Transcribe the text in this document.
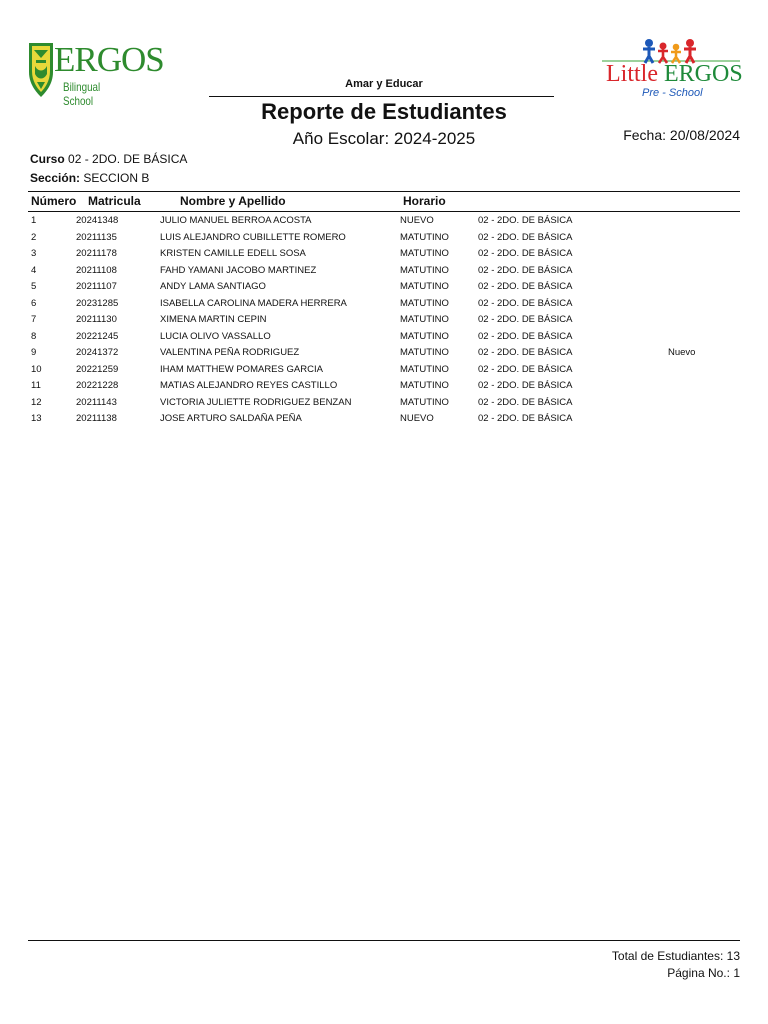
ERGOS
Bilingual School
Little ERGOS
Pre - School
Amar y Educar
Reporte de Estudiantes
Año Escolar: 2024-2025	Fecha: 20/08/2024
Curso 02 - 2DO. DE BÁSICA
Sección: SECCION B
Número Matricula	Nombre y Apellido	Horario
1	20241348	JULIO MANUEL BERROA ACOSTA	NUEVO	02 - 2DO. DE BÁSICA
2	20211135	LUIS ALEJANDRO CUBILLETTE ROMERO	MATUTINO	02 - 2DO. DE BÁSICA
3	20211178	KRISTEN CAMILLE EDELL SOSA	MATUTINO	02 - 2DO. DE BÁSICA
4	20211108	FAHD YAMANI JACOBO MARTINEZ	MATUTINO	02 - 2DO. DE BÁSICA
5	20211107	ANDY LAMA SANTIAGO	MATUTINO	02 - 2DO. DE BÁSICA
6	20231285	ISABELLA CAROLINA MADERA HERRERA	MATUTINO	02 - 2DO. DE BÁSICA
7	20211130	XIMENA MARTIN CEPIN	MATUTINO	02 - 2DO. DE BÁSICA
8	20221245	LUCIA OLIVO VASSALLO	MATUTINO	02 - 2DO. DE BÁSICA
9	20241372	VALENTINA PEÑA RODRIGUEZ	MATUTINO	02 - 2DO. DE BÁSICA	Nuevo
10	20221259	IHAM MATTHEW POMARES GARCIA	MATUTINO	02 - 2DO. DE BÁSICA
11	20221228	MATIAS ALEJANDRO REYES CASTILLO	MATUTINO	02 - 2DO. DE BÁSICA
12	20211143	VICTORIA JULIETTE RODRIGUEZ BENZAN	MATUTINO	02 - 2DO. DE BÁSICA
13	20211138	JOSE ARTURO SALDAÑA PEÑA	NUEVO	02 - 2DO. DE BÁSICA
Total de Estudiantes: 13
Página No.: 1
